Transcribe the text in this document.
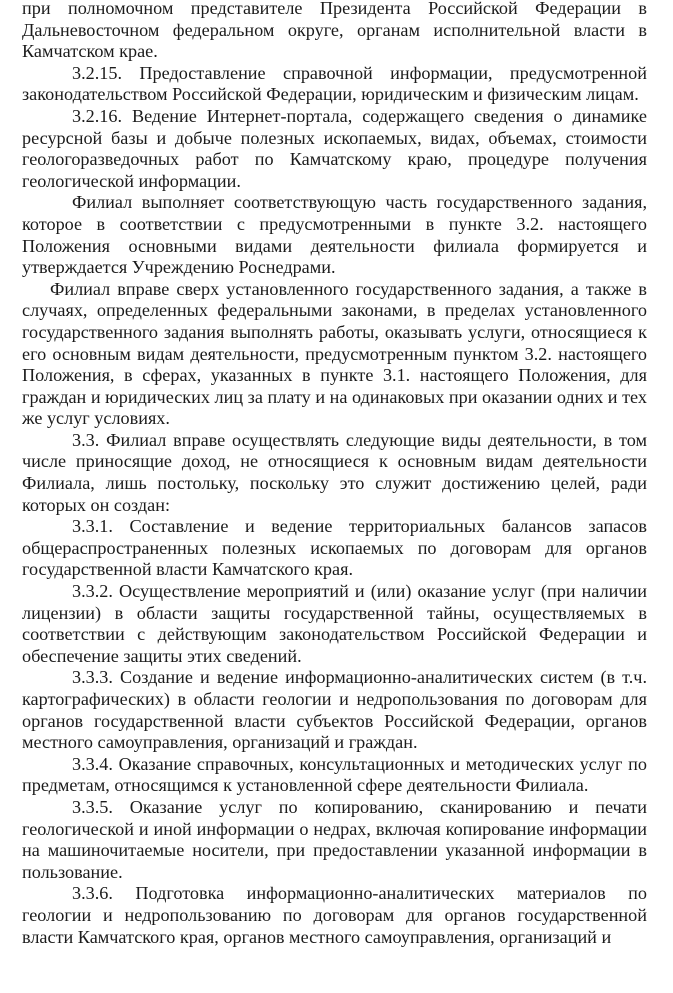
при полномочном представителе Президента Российской Федерации в Дальневосточном федеральном округе, органам исполнительной власти в Камчатском крае.

3.2.15. Предоставление справочной информации, предусмотренной законодательством Российской Федерации, юридическим и физическим лицам.

3.2.16. Ведение Интернет-портала, содержащего сведения о динамике ресурсной базы и добыче полезных ископаемых, видах, объемах, стоимости геологоразведочных работ по Камчатскому краю, процедуре получения геологической информации.

Филиал выполняет соответствующую часть государственного задания, которое в соответствии с предусмотренными в пункте 3.2. настоящего Положения основными видами деятельности филиала формируется и утверждается Учреждению Роснедрами.

Филиал вправе сверх установленного государственного задания, а также в случаях, определенных федеральными законами, в пределах установленного государственного задания выполнять работы, оказывать услуги, относящиеся к его основным видам деятельности, предусмотренным пунктом 3.2. настоящего Положения, в сферах, указанных в пункте 3.1. настоящего Положения, для граждан и юридических лиц за плату и на одинаковых при оказании одних и тех же услуг условиях.

3.3. Филиал вправе осуществлять следующие виды деятельности, в том числе приносящие доход, не относящиеся к основным видам деятельности Филиала, лишь постольку, поскольку это служит достижению целей, ради которых он создан:

3.3.1. Составление и ведение территориальных балансов запасов общераспространенных полезных ископаемых по договорам для органов государственной власти Камчатского края.

3.3.2. Осуществление мероприятий и (или) оказание услуг (при наличии лицензии) в области защиты государственной тайны, осуществляемых в соответствии с действующим законодательством Российской Федерации и обеспечение защиты этих сведений.

3.3.3. Создание и ведение информационно-аналитических систем (в т.ч. картографических) в области геологии и недропользования по договорам для органов государственной власти субъектов Российской Федерации, органов местного самоуправления, организаций и граждан.

3.3.4. Оказание справочных, консультационных и методических услуг по предметам, относящимся к установленной сфере деятельности Филиала.

3.3.5. Оказание услуг по копированию, сканированию и печати геологической и иной информации о недрах, включая копирование информации на машиночитаемые носители, при предоставлении указанной информации в пользование.

3.3.6. Подготовка информационно-аналитических материалов по геологии и недропользованию по договорам для органов государственной власти Камчатского края, органов местного самоуправления, организаций и
